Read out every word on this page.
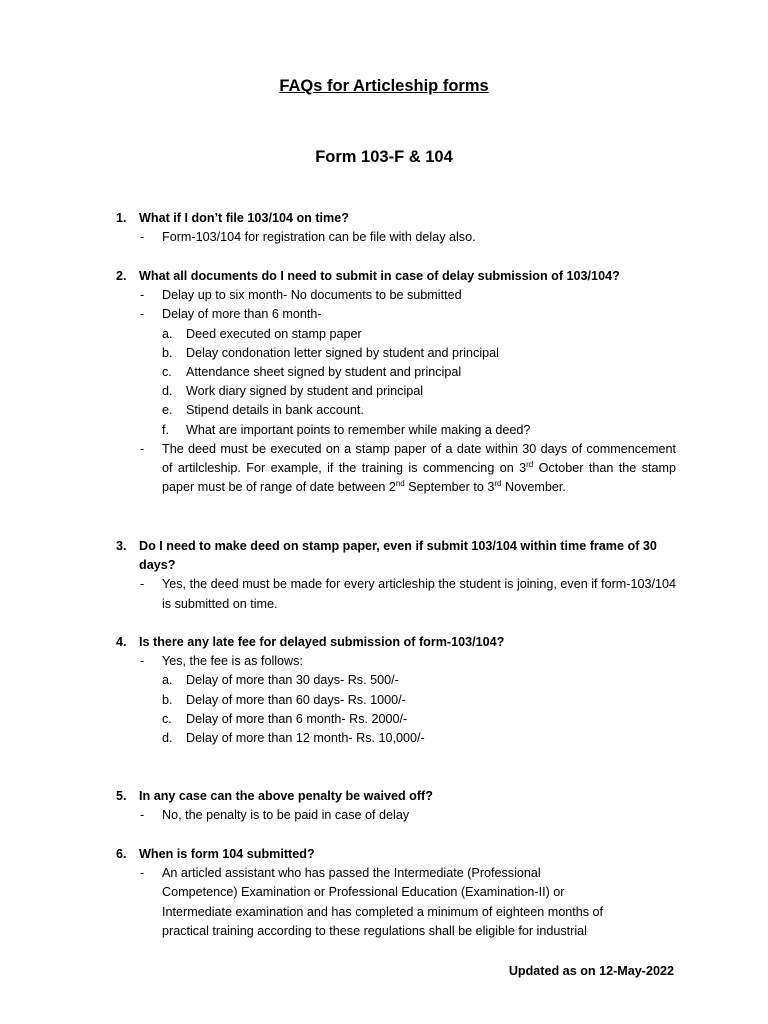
FAQs for Articleship forms
Form 103-F & 104
1. What if I don’t file 103/104 on time?
-	Form-103/104 for registration can be file with delay also.
2. What all documents do I need to submit in case of delay submission of 103/104?
-	Delay up to six month- No documents to be submitted
-	Delay of more than 6 month-
a.	Deed executed on stamp paper
b.	Delay condonation letter signed by student and principal
c.	Attendance sheet signed by student and principal
d.	Work diary signed by student and principal
e.	Stipend details in bank account.
f.	What are important points to remember while making a deed?
-	The deed must be executed on a stamp paper of a date within 30 days of commencement of artilcleship. For example, if the training is commencing on 3rd October than the stamp paper must be of range of date between 2nd September to 3rd November.
3. Do I need to make deed on stamp paper, even if submit 103/104 within time frame of 30 days?
-	Yes, the deed must be made for every articleship the student is joining, even if form-103/104 is submitted on time.
4. Is there any late fee for delayed submission of form-103/104?
-	Yes, the fee is as follows:
a.	Delay of more than 30 days- Rs. 500/-
b.	Delay of more than 60 days- Rs. 1000/-
c.	Delay of more than 6 month- Rs. 2000/-
d.	Delay of more than 12 month- Rs. 10,000/-
5. In any case can the above penalty be waived off?
-	No, the penalty is to be paid in case of delay
6. When is form 104 submitted?
-	An articled assistant who has passed the Intermediate (Professional
Competence) Examination or Professional Education (Examination-II) or
Intermediate examination and has completed a minimum of eighteen months of
practical training according to these regulations shall be eligible for industrial
Updated as on 12-May-2022
